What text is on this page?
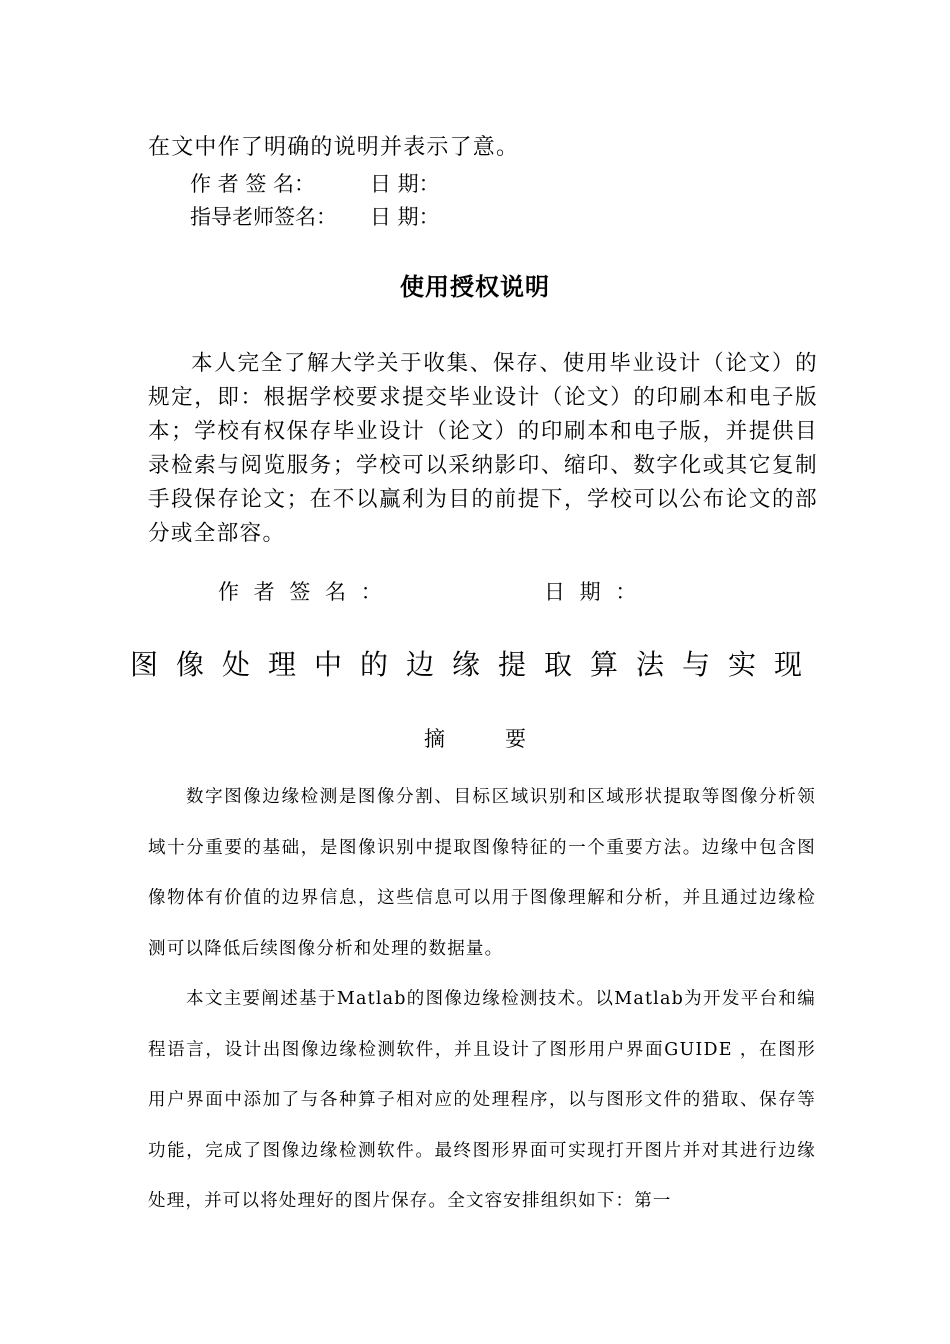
在文中作了明确的说明并表示了意。
作 者 签 名：	日 期：
指导老师签名： 日 期：
使用授权说明

本人完全了解大学关于收集、保存、使用毕业设计（论文）的规定，即：根据学校要求提交毕业设计（论文）的印刷本和电子版本；学校有权保存毕业设计（论文）的印刷本和电子版，并提供目录检索与阅览服务；学校可以采纳影印、缩印、数字化或其它复制手段保存论文；在不以赢利为目的前提下，学校可以公布论文的部分或全部容。

作 者 签 名 ：	日 期 ：
图像处理中的边缘提取算法与实现
摘	要

数字图像边缘检测是图像分割、目标区域识别和区域形状提取等图像分析领域十分重要的基础，是图像识别中提取图像特征的一个重要方法。边缘中包含图像物体有价值的边界信息，这些信息可以用于图像理解和分析，并且通过边缘检测可以降低后续图像分析和处理的数据量。

本文主要阐述基于Matlab的图像边缘检测技术。以Matlab为开发平台和编程语言，设计出图像边缘检测软件，并且设计了图形用户界面GUIDE ，在图形用户界面中添加了与各种算子相对应的处理程序，以与图形文件的猎取、保存等功能，完成了图像边缘检测软件。最终图形界面可实现打开图片并对其进行边缘处理，并可以将处理好的图片保存。全文容安排组织如下：第一
